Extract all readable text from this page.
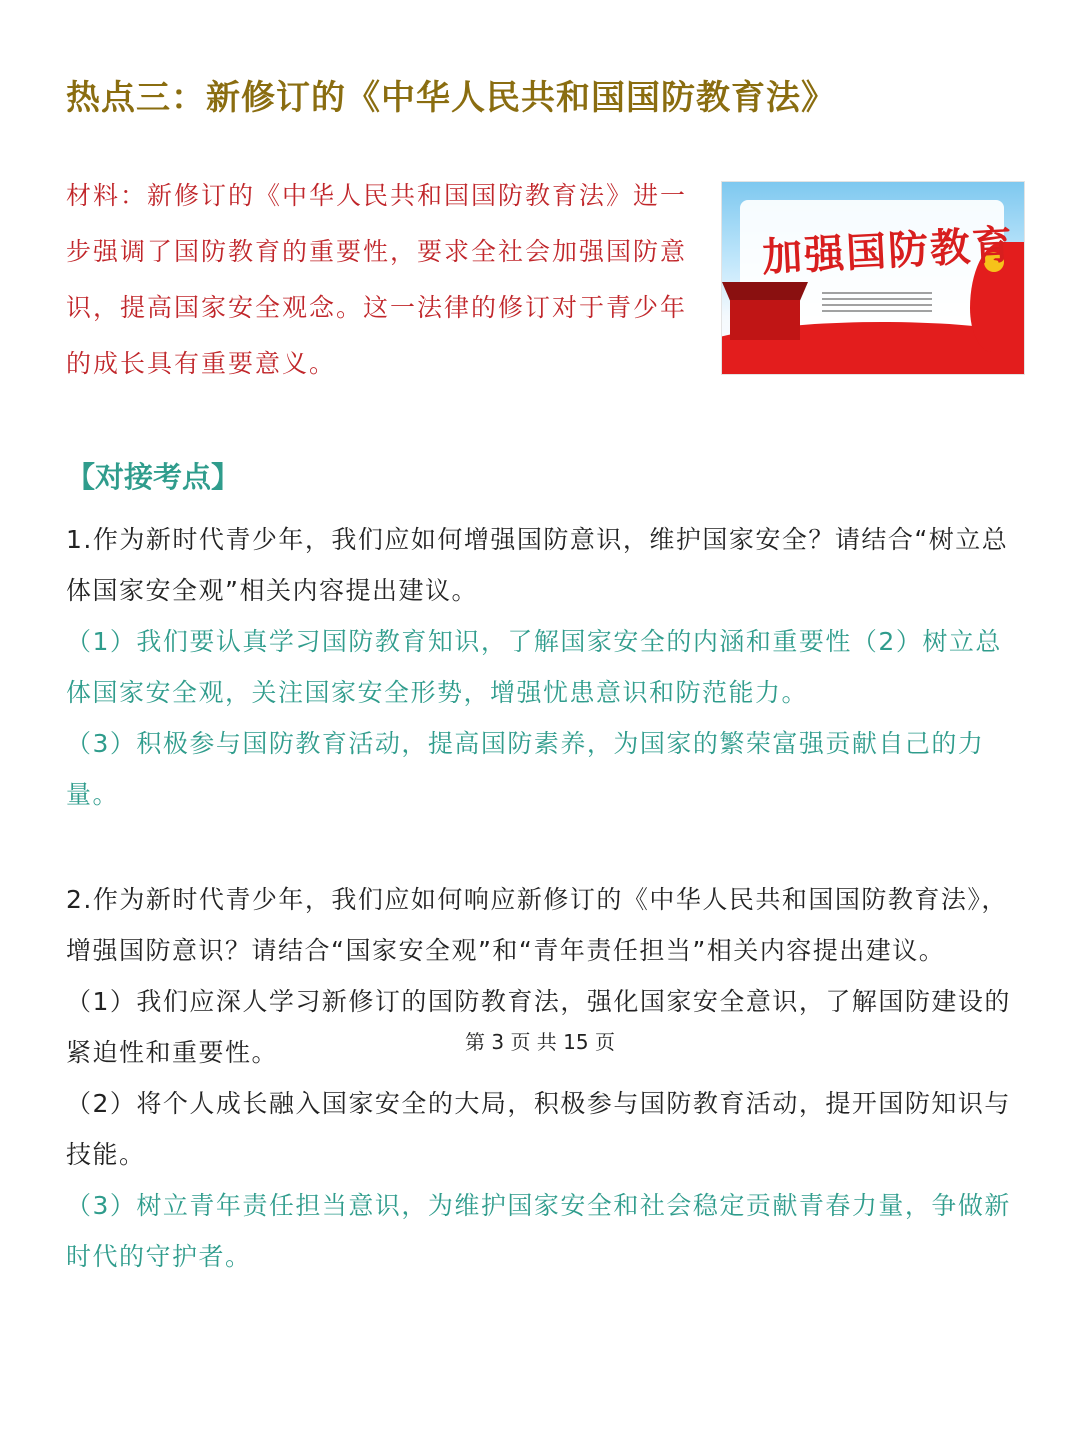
热点三：新修订的《中华人民共和国国防教育法》
材料：新修订的《中华人民共和国国防教育法》进一步强调了国防教育的重要性，要求全社会加强国防意识，提高国家安全观念。这一法律的修订对于青少年的成长具有重要意义。
加强国防教育
【对接考点】
1.作为新时代青少年，我们应如何增强国防意识，维护国家安全？请结合“树立总体国家安全观”相关内容提出建议。
（1）我们要认真学习国防教育知识，了解国家安全的内涵和重要性（2）树立总体国家安全观，关注国家安全形势，增强忧患意识和防范能力。
（3）积极参与国防教育活动，提高国防素养，为国家的繁荣富强贡献自己的力量。
2.作为新时代青少年，我们应如何响应新修订的《中华人民共和国国防教育法》，增强国防意识？请结合“国家安全观”和“青年责任担当”相关内容提出建议。
（1）我们应深人学习新修订的国防教育法，强化国家安全意识，了解国防建设的紧迫性和重要性。
（2）将个人成长融入国家安全的大局，积极参与国防教育活动，提开国防知识与技能。
（3）树立青年责任担当意识，为维护国家安全和社会稳定贡献青春力量，争做新时代的守护者。
第 3 页 共 15 页
